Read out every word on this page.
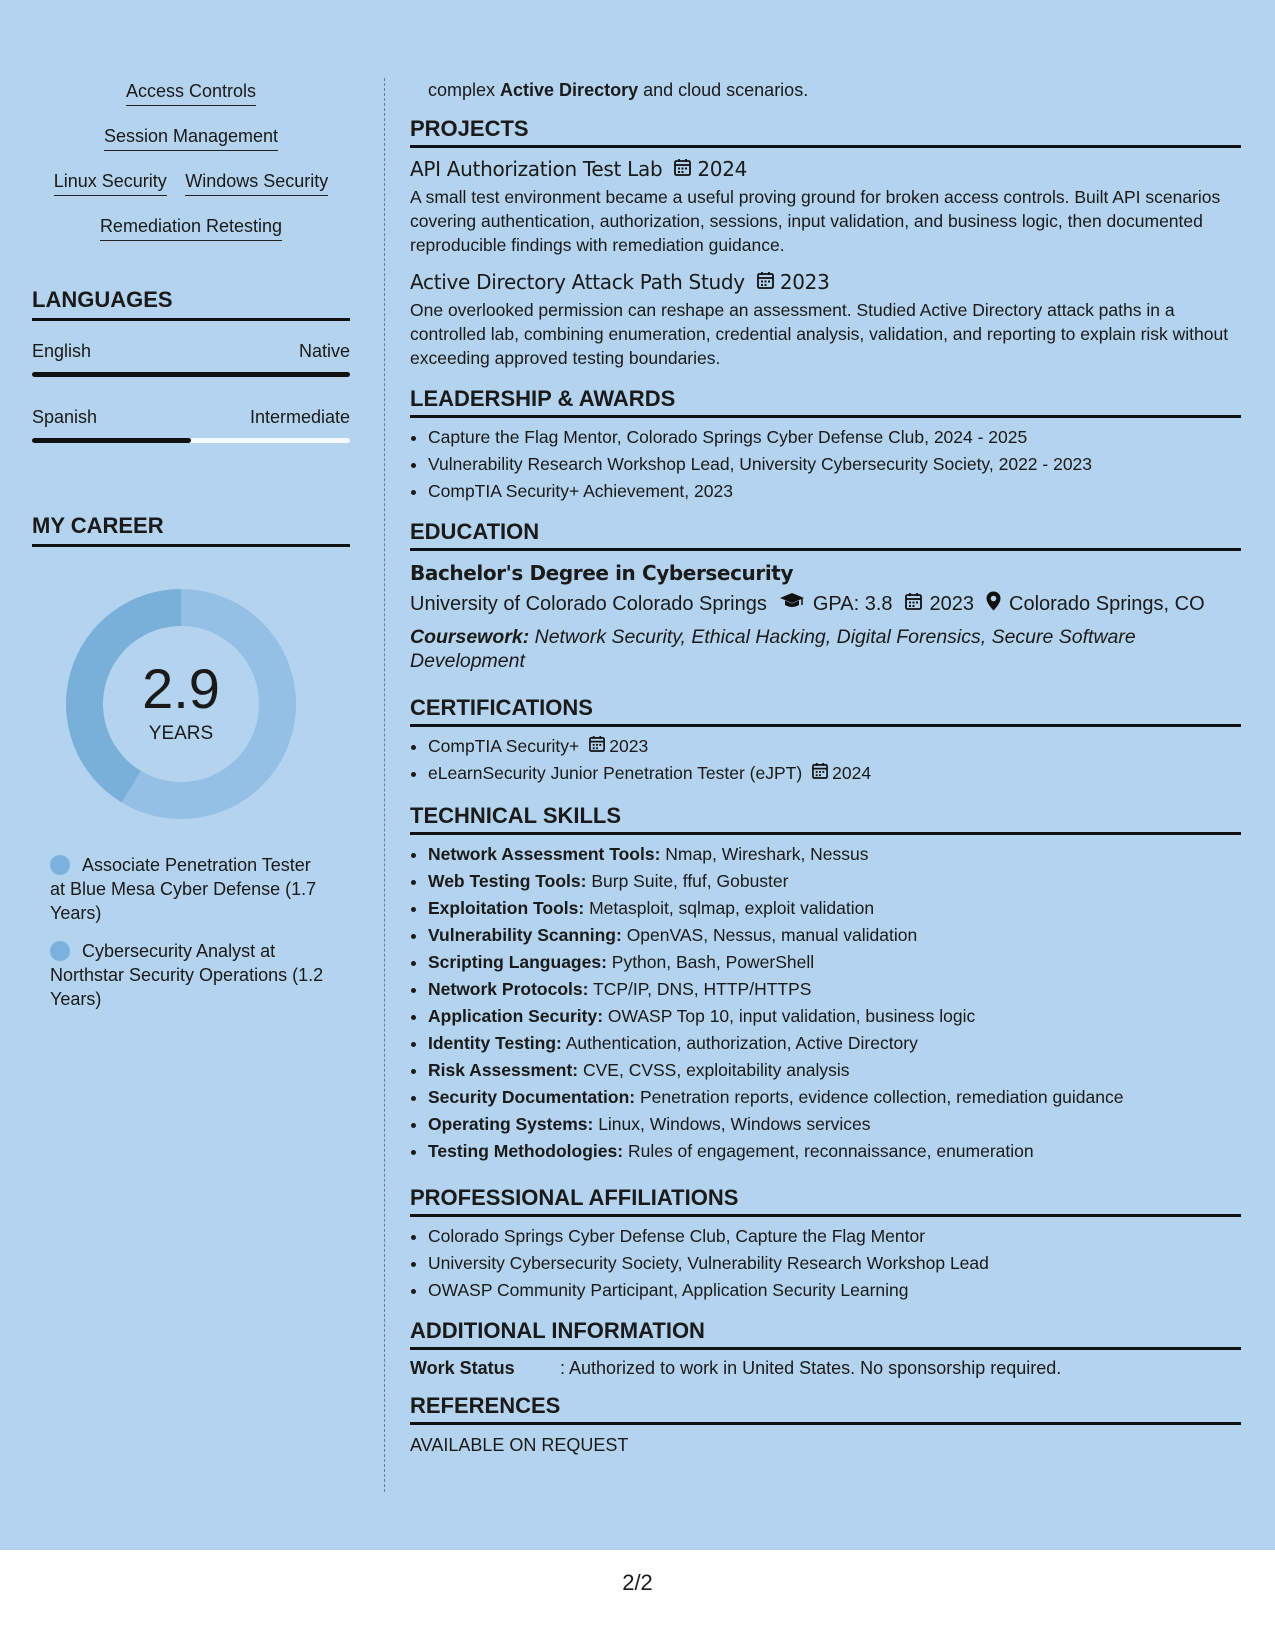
Access Controls
Session Management
Linux Security Windows Security
Remediation Retesting
LANGUAGES
English	Native
Spanish	Intermediate
MY CAREER
2.9
YEARS
Associate Penetration Tester at Blue Mesa Cyber Defense (1.7 Years)
Cybersecurity Analyst at Northstar Security Operations (1.2 Years)
complex Active Directory and cloud scenarios.
PROJECTS
API Authorization Test Lab 2024
A small test environment became a useful proving ground for broken access controls. Built API scenarios covering authentication, authorization, sessions, input validation, and business logic, then documented reproducible findings with remediation guidance.
Active Directory Attack Path Study 2023
One overlooked permission can reshape an assessment. Studied Active Directory attack paths in a controlled lab, combining enumeration, credential analysis, validation, and reporting to explain risk without exceeding approved testing boundaries.
LEADERSHIP & AWARDS
• Capture the Flag Mentor, Colorado Springs Cyber Defense Club, 2024 - 2025
• Vulnerability Research Workshop Lead, University Cybersecurity Society, 2022 - 2023
• CompTIA Security+ Achievement, 2023
EDUCATION
Bachelor's Degree in Cybersecurity
University of Colorado Colorado Springs GPA: 3.8 2023 Colorado Springs, CO
Coursework: Network Security, Ethical Hacking, Digital Forensics, Secure Software Development
CERTIFICATIONS
• CompTIA Security+ 2023
• eLearnSecurity Junior Penetration Tester (eJPT) 2024
TECHNICAL SKILLS
• Network Assessment Tools: Nmap, Wireshark, Nessus
• Web Testing Tools: Burp Suite, ffuf, Gobuster
• Exploitation Tools: Metasploit, sqlmap, exploit validation
• Vulnerability Scanning: OpenVAS, Nessus, manual validation
• Scripting Languages: Python, Bash, PowerShell
• Network Protocols: TCP/IP, DNS, HTTP/HTTPS
• Application Security: OWASP Top 10, input validation, business logic
• Identity Testing: Authentication, authorization, Active Directory
• Risk Assessment: CVE, CVSS, exploitability analysis
• Security Documentation: Penetration reports, evidence collection, remediation guidance
• Operating Systems: Linux, Windows, Windows services
• Testing Methodologies: Rules of engagement, reconnaissance, enumeration
PROFESSIONAL AFFILIATIONS
• Colorado Springs Cyber Defense Club, Capture the Flag Mentor
• University Cybersecurity Society, Vulnerability Research Workshop Lead
• OWASP Community Participant, Application Security Learning
ADDITIONAL INFORMATION
Work Status	: Authorized to work in United States. No sponsorship required.
REFERENCES
AVAILABLE ON REQUEST
2/2
